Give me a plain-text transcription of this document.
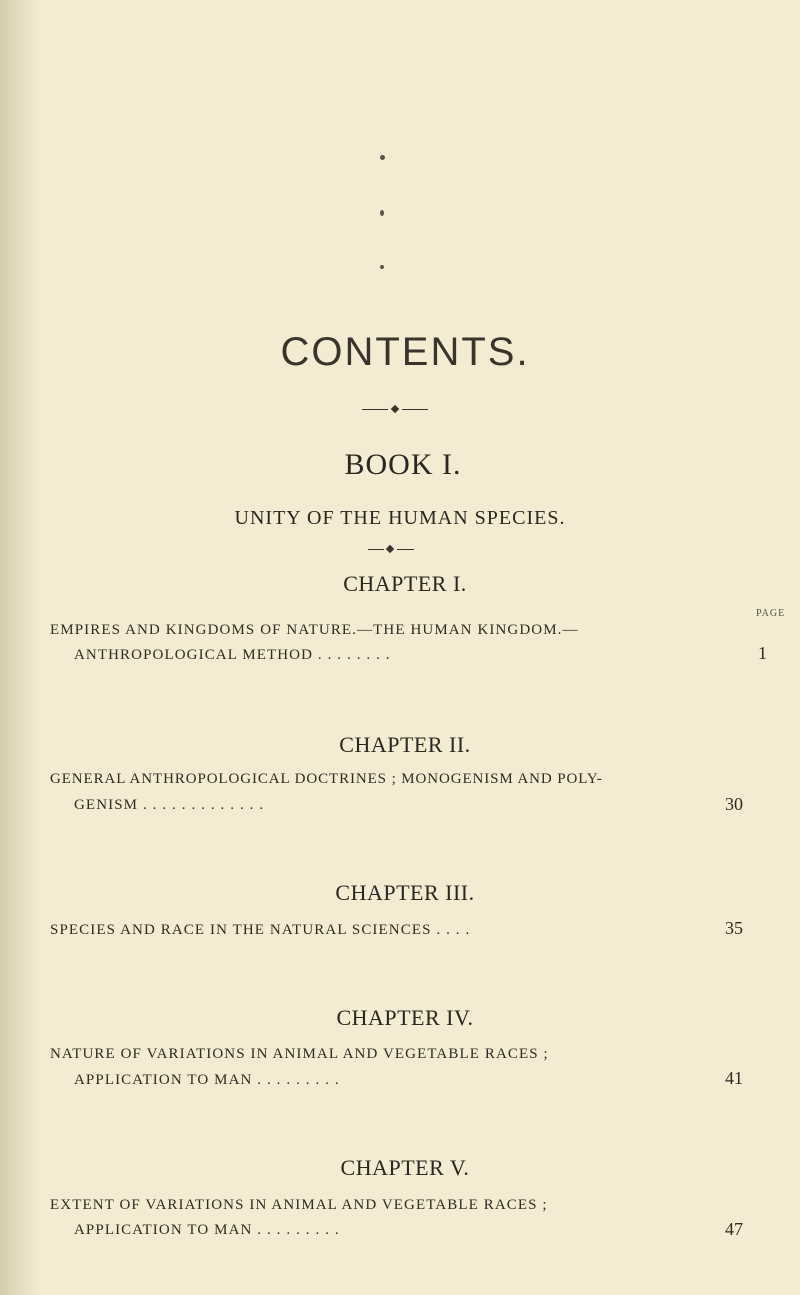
CONTENTS.
BOOK I.
UNITY OF THE HUMAN SPECIES.
CHAPTER I.
PAGE
EMPIRES AND KINGDOMS OF NATURE.—THE HUMAN KINGDOM.—
ANTHROPOLOGICAL METHOD . . . . . . . .	1
CHAPTER II.
GENERAL ANTHROPOLOGICAL DOCTRINES ; MONOGENISM AND POLY-
GENISM . . . . . . . . . . . . .	30
CHAPTER III.
SPECIES AND RACE IN THE NATURAL SCIENCES . . . .	35
CHAPTER IV.
NATURE OF VARIATIONS IN ANIMAL AND VEGETABLE RACES ;
APPLICATION TO MAN . . . . . . . . .	41
CHAPTER V.
EXTENT OF VARIATIONS IN ANIMAL AND VEGETABLE RACES ;
APPLICATION TO MAN . . . . . . . . .	47
